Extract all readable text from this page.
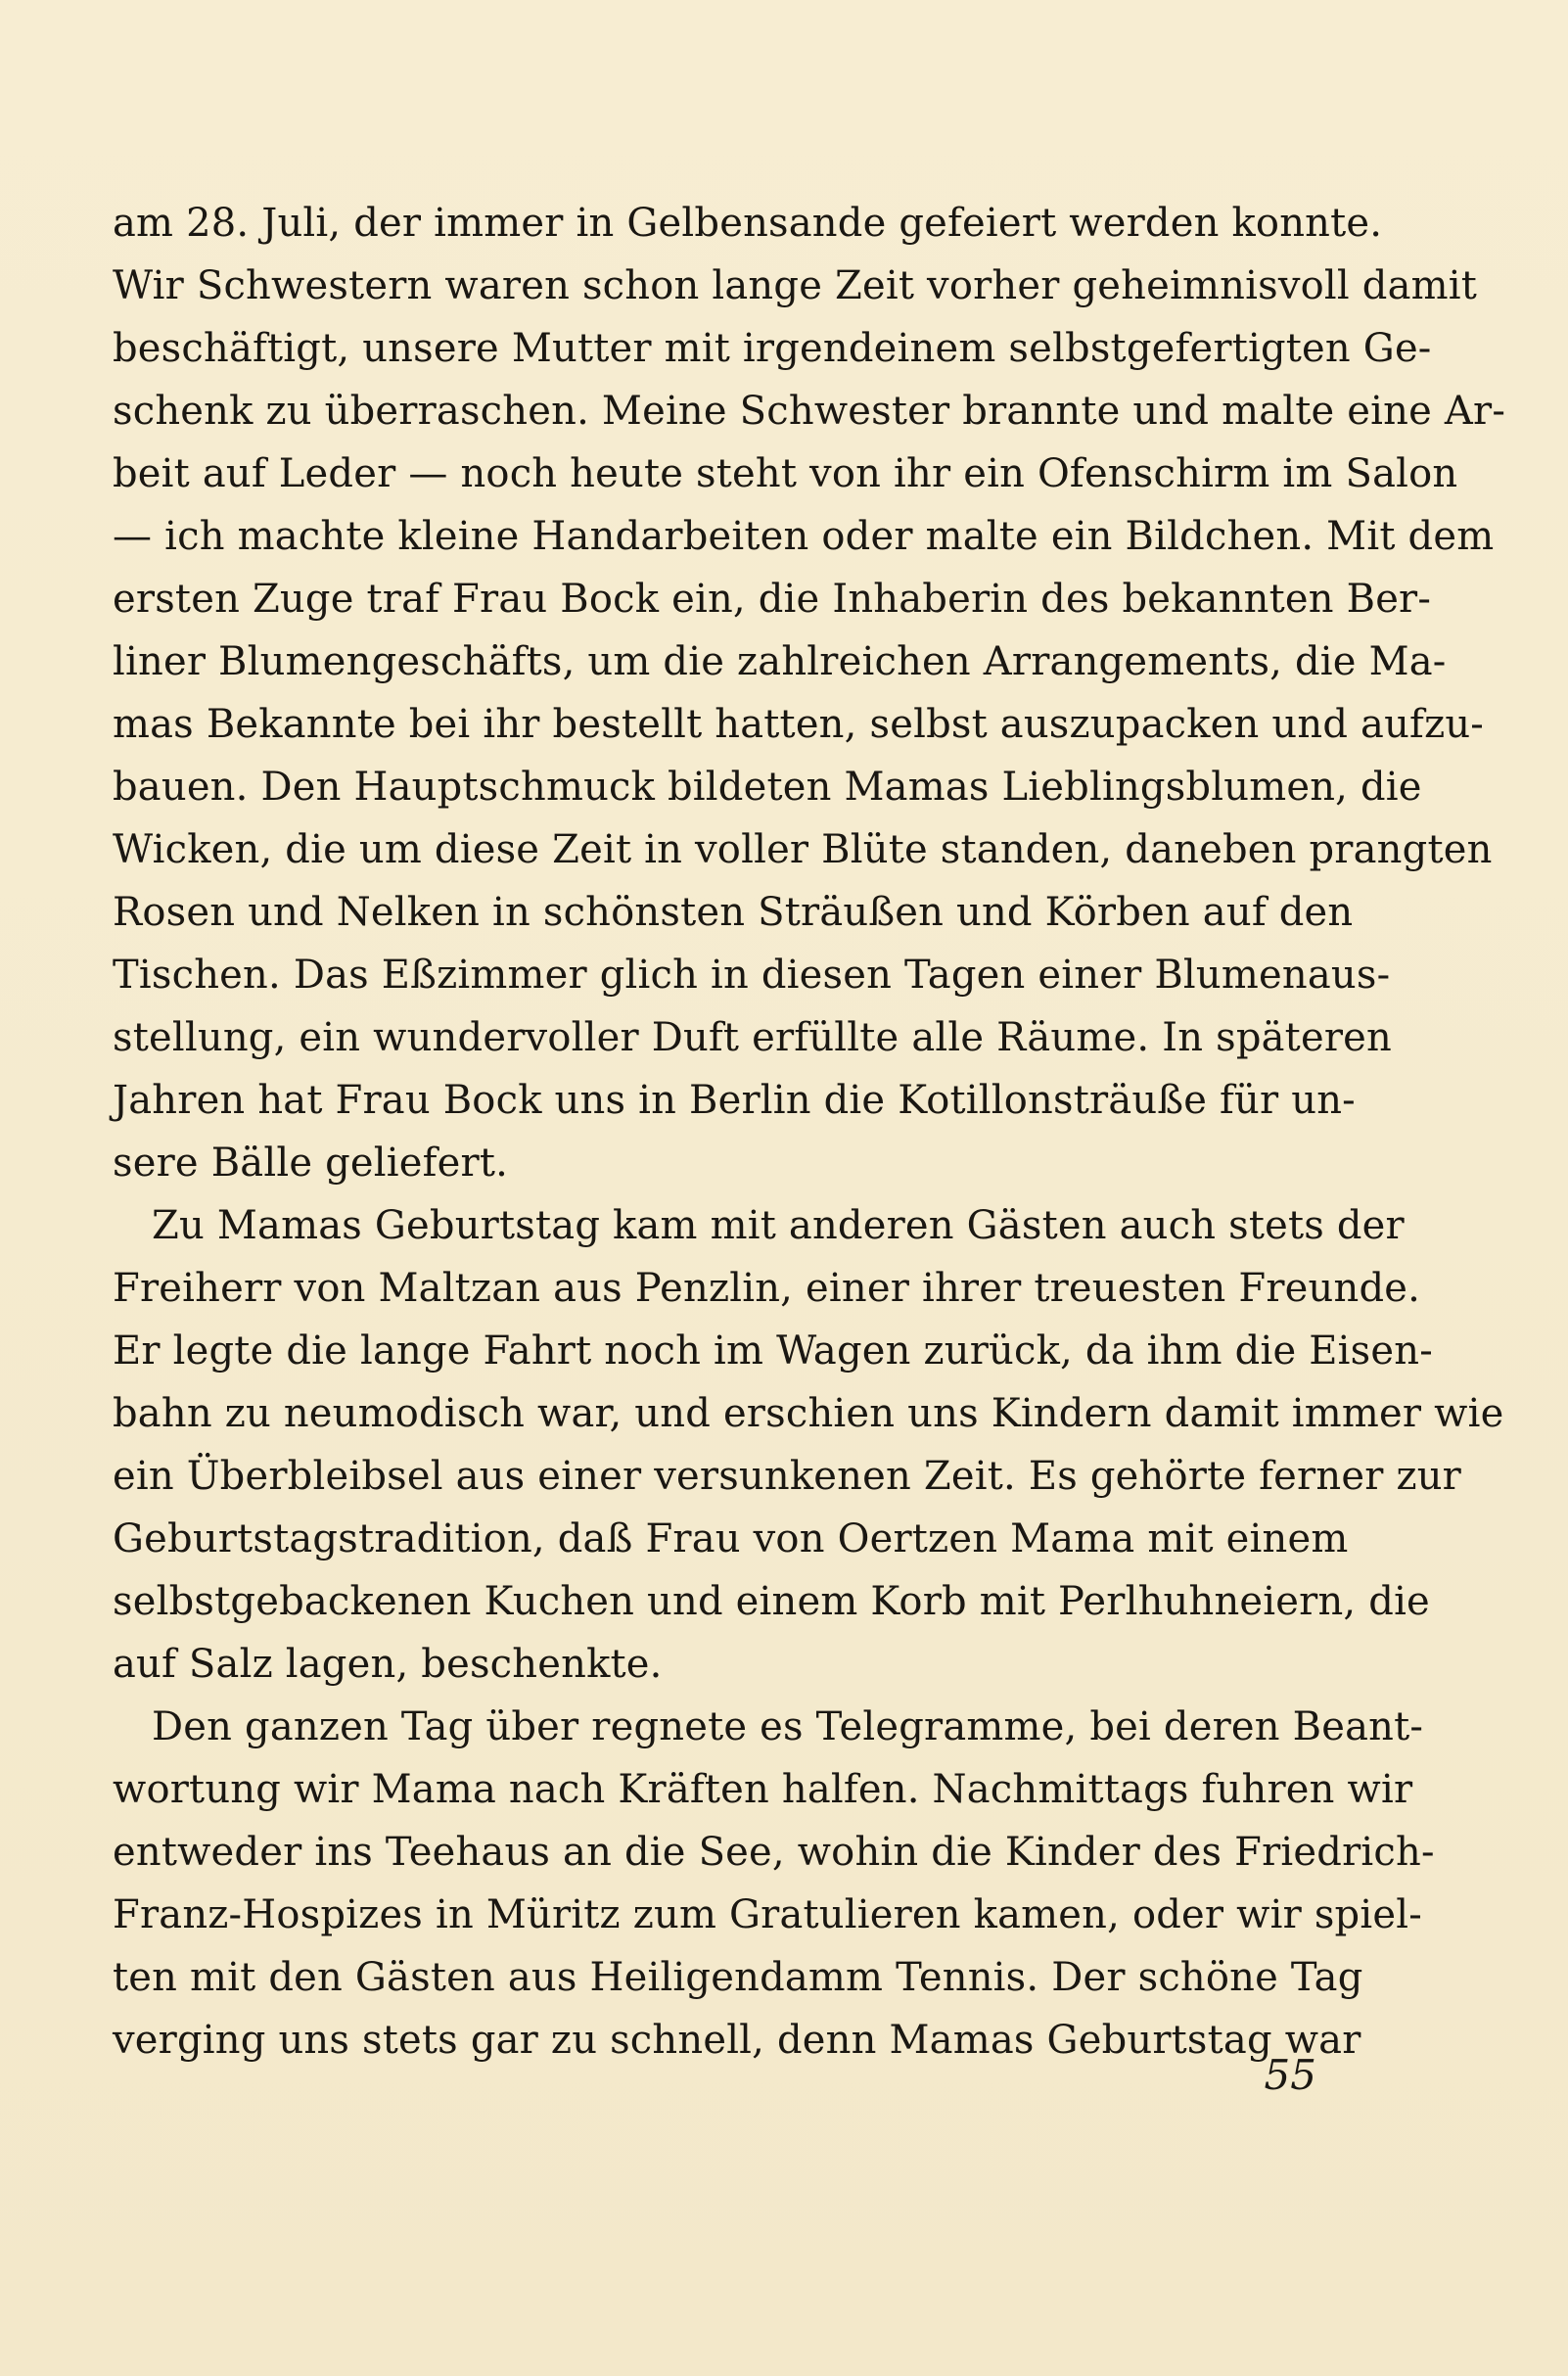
am 28. Juli, der immer in Gelbensande gefeiert werden konnte.
Wir Schwestern waren schon lange Zeit vorher geheimnisvoll damit
beschäftigt, unsere Mutter mit irgendeinem selbstgefertigten Ge-
schenk zu überraschen. Meine Schwester brannte und malte eine Ar-
beit auf Leder — noch heute steht von ihr ein Ofenschirm im Salon
— ich machte kleine Handarbeiten oder malte ein Bildchen. Mit dem
ersten Zuge traf Frau Bock ein, die Inhaberin des bekannten Ber-
liner Blumengeschäfts, um die zahlreichen Arrangements, die Ma-
mas Bekannte bei ihr bestellt hatten, selbst auszupacken und aufzu-
bauen. Den Hauptschmuck bildeten Mamas Lieblingsblumen, die
Wicken, die um diese Zeit in voller Blüte standen, daneben prangten
Rosen und Nelken in schönsten Sträußen und Körben auf den
Tischen. Das Eßzimmer glich in diesen Tagen einer Blumenaus-
stellung, ein wundervoller Duft erfüllte alle Räume. In späteren
Jahren hat Frau Bock uns in Berlin die Kotillonsträuße für un-
sere Bälle geliefert.
Zu Mamas Geburtstag kam mit anderen Gästen auch stets der
Freiherr von Maltzan aus Penzlin, einer ihrer treuesten Freunde.
Er legte die lange Fahrt noch im Wagen zurück, da ihm die Eisen-
bahn zu neumodisch war, und erschien uns Kindern damit immer wie
ein Überbleibsel aus einer versunkenen Zeit. Es gehörte ferner zur
Geburtstagstradition, daß Frau von Oertzen Mama mit einem
selbstgebackenen Kuchen und einem Korb mit Perlhuhneiern, die
auf Salz lagen, beschenkte.
Den ganzen Tag über regnete es Telegramme, bei deren Beant-
wortung wir Mama nach Kräften halfen. Nachmittags fuhren wir
entweder ins Teehaus an die See, wohin die Kinder des Friedrich-
Franz-Hospizes in Müritz zum Gratulieren kamen, oder wir spiel-
ten mit den Gästen aus Heiligendamm Tennis. Der schöne Tag
verging uns stets gar zu schnell, denn Mamas Geburtstag war
55
